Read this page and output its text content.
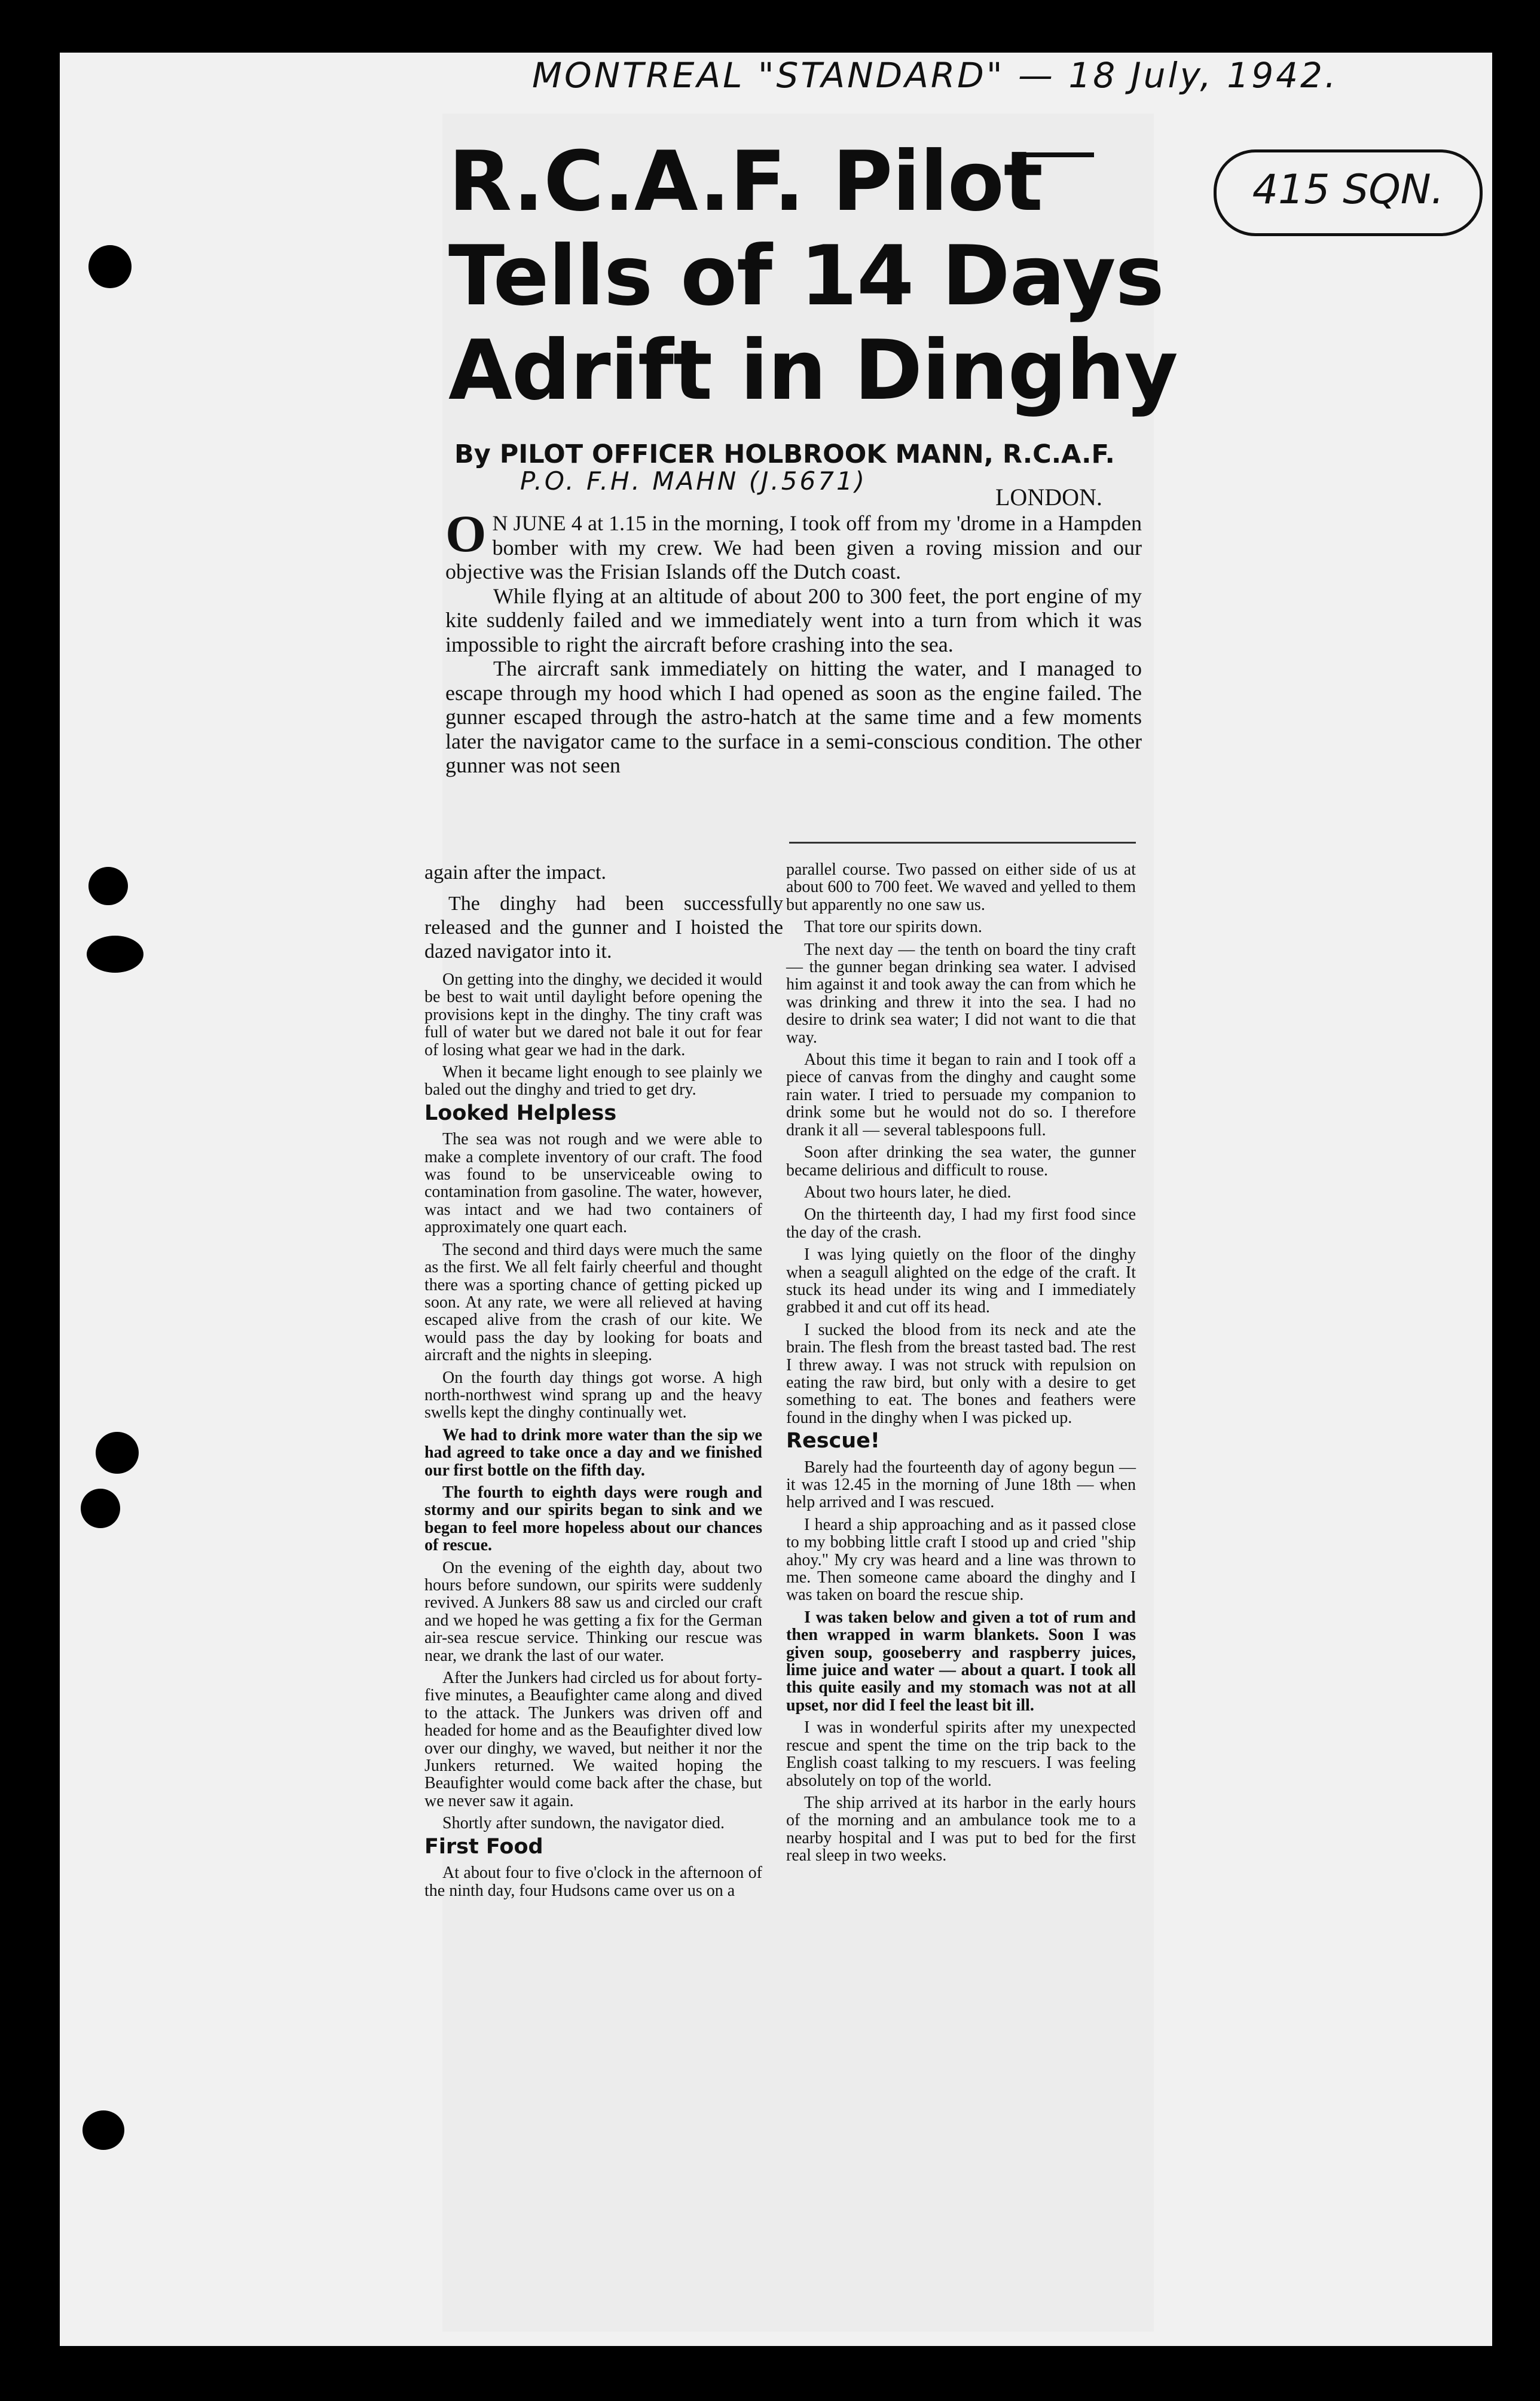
MONTREAL "STANDARD" — 18 July, 1942.
415 SQN.
R.C.A.F. Pilot
Tells of 14 Days
Adrift in Dinghy
By PILOT OFFICER HOLBROOK MANN, R.C.A.F.
P.O. F.H. MAHN (J.5671)
LONDON.

O N JUNE 4 at 1.15 in the morning, I took off from my 'drome in a Hampden bomber with my crew. We had been given a roving mission and our objective was the Frisian Islands off the Dutch coast.

While flying at an altitude of about 200 to 300 feet, the port engine of my kite suddenly failed and we immediately went into a turn from which it was impossible to right the aircraft before crashing into the sea.

The aircraft sank immediately on hitting the water, and I managed to escape through my hood which I had opened as soon as the engine failed. The gunner escaped through the astro-hatch at the same time and a few moments later the navigator came to the surface in a semi-conscious condition. The other gunner was not seen

again after the impact.

The dinghy had been successfully released and the gunner and I hoisted the dazed navigator into it.

On getting into the dinghy, we decided it would be best to wait until daylight before opening the provisions kept in the dinghy. The tiny craft was full of water but we dared not bale it out for fear of losing what gear we had in the dark.

When it became light enough to see plainly we baled out the dinghy and tried to get dry.

Looked Helpless

The sea was not rough and we were able to make a complete inventory of our craft. The food was found to be unserviceable owing to contamination from gasoline. The water, however, was intact and we had two containers of approximately one quart each.

The second and third days were much the same as the first. We all felt fairly cheerful and thought there was a sporting chance of getting picked up soon. At any rate, we were all relieved at having escaped alive from the crash of our kite. We would pass the day by looking for boats and aircraft and the nights in sleeping.

On the fourth day things got worse. A high north-northwest wind sprang up and the heavy swells kept the dinghy continually wet.

We had to drink more water than the sip we had agreed to take once a day and we finished our first bottle on the fifth day.

The fourth to eighth days were rough and stormy and our spirits began to sink and we began to feel more hopeless about our chances of rescue.

On the evening of the eighth day, about two hours before sundown, our spirits were suddenly revived. A Junkers 88 saw us and circled our craft and we hoped he was getting a fix for the German air-sea rescue service. Thinking our rescue was near, we drank the last of our water.

After the Junkers had circled us for about forty-five minutes, a Beaufighter came along and dived to the attack. The Junkers was driven off and headed for home and as the Beaufighter dived low over our dinghy, we waved, but neither it nor the Junkers returned. We waited hoping the Beaufighter would come back after the chase, but we never saw it again.

Shortly after sundown, the navigator died.

First Food

At about four to five o'clock in the afternoon of the ninth day, four Hudsons came over us on a

parallel course. Two passed on either side of us at about 600 to 700 feet. We waved and yelled to them but apparently no one saw us.

That tore our spirits down.

The next day — the tenth on board the tiny craft — the gunner began drinking sea water. I advised him against it and took away the can from which he was drinking and threw it into the sea. I had no desire to drink sea water; I did not want to die that way.

About this time it began to rain and I took off a piece of canvas from the dinghy and caught some rain water. I tried to persuade my companion to drink some but he would not do so. I therefore drank it all — several tablespoons full.

Soon after drinking the sea water, the gunner became delirious and difficult to rouse.

About two hours later, he died.

On the thirteenth day, I had my first food since the day of the crash.

I was lying quietly on the floor of the dinghy when a seagull alighted on the edge of the craft. It stuck its head under its wing and I immediately grabbed it and cut off its head.

I sucked the blood from its neck and ate the brain. The flesh from the breast tasted bad. The rest I threw away. I was not struck with repulsion on eating the raw bird, but only with a desire to get something to eat. The bones and feathers were found in the dinghy when I was picked up.

Rescue!

Barely had the fourteenth day of agony begun — it was 12.45 in the morning of June 18th — when help arrived and I was rescued.

I heard a ship approaching and as it passed close to my bobbing little craft I stood up and cried "ship ahoy." My cry was heard and a line was thrown to me. Then someone came aboard the dinghy and I was taken on board the rescue ship.

I was taken below and given a tot of rum and then wrapped in warm blankets. Soon I was given soup, gooseberry and raspberry juices, lime juice and water — about a quart. I took all this quite easily and my stomach was not at all upset, nor did I feel the least bit ill.

I was in wonderful spirits after my unexpected rescue and spent the time on the trip back to the English coast talking to my rescuers. I was feeling absolutely on top of the world.

The ship arrived at its harbor in the early hours of the morning and an ambulance took me to a nearby hospital and I was put to bed for the first real sleep in two weeks.
